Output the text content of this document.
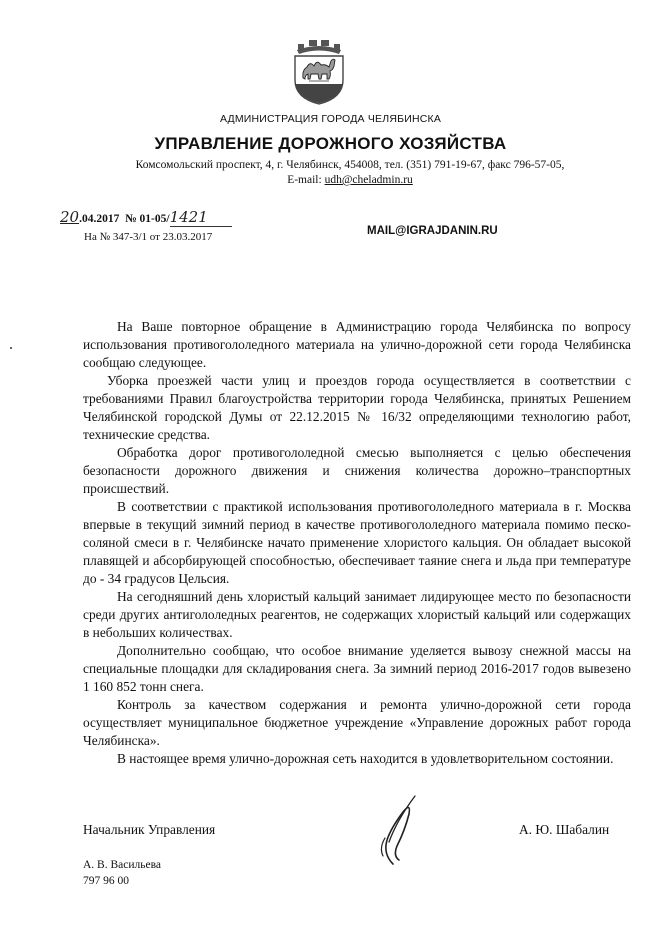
АДМИНИСТРАЦИЯ ГОРОДА ЧЕЛЯБИНСКА
УПРАВЛЕНИЕ ДОРОЖНОГО ХОЗЯЙСТВА
Комсомольский проспект, 4, г. Челябинск, 454008, тел. (351) 791-19-67, факс 796-57-05,
E-mail: udh@cheladmin.ru
20.04.2017 № 01-05/1421
На № 347-3/1 от 23.03.2017	MAIL@IGRAJDANIN.RU

На Ваше повторное обращение в Администрацию города Челябинска по вопросу использования противогололедного материала на улично-дорожной сети города Челябинска сообщаю следующее.

Уборка проезжей части улиц и проездов города осуществляется в соответствии с требованиями Правил благоустройства территории города Челябинска, принятых Решением Челябинской городской Думы от 22.12.2015 № 16/32 определяющими технологию работ, технические средства.

Обработка дорог противогололедной смесью выполняется с целью обеспечения безопасности дорожного движения и снижения количества дорожно–транспортных происшествий.

В соответствии с практикой использования противогололедного материала в г. Москва впервые в текущий зимний период в качестве противогололедного материала помимо песко-соляной смеси в г. Челябинске начато применение хлористого кальция. Он обладает высокой плавящей и абсорбирующей способностью, обеспечивает таяние снега и льда при температуре до - 34 градусов Цельсия.

На сегодняшний день хлористый кальций занимает лидирующее место по безопасности среди других антигололедных реагентов, не содержащих хлористый кальций или содержащих в небольших количествах.

Дополнительно сообщаю, что особое внимание уделяется вывозу снежной массы на специальные площадки для складирования снега. За зимний период 2016-2017 годов вывезено 1 160 852 тонн снега.

Контроль за качеством содержания и ремонта улично-дорожной сети города осуществляет муниципальное бюджетное учреждение «Управление дорожных работ города Челябинска».

В настоящее время улично-дорожная сеть находится в удовлетворительном состоянии.

Начальник Управления	А. Ю. Шабалин
А. В. Васильева
797 96 00
